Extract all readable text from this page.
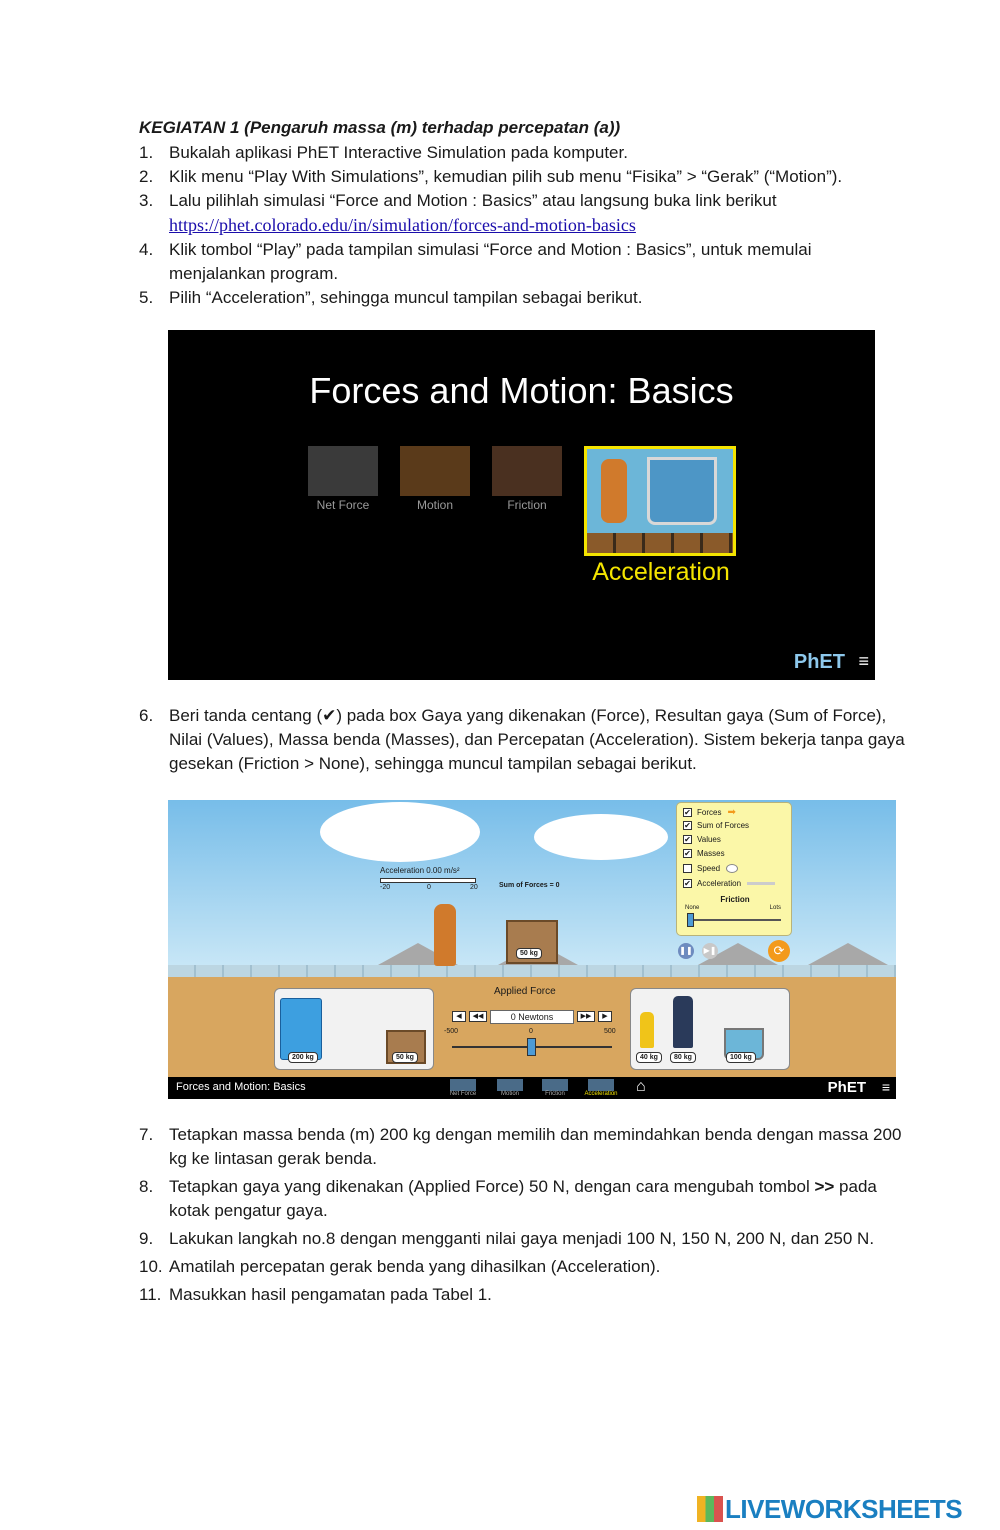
KEGIATAN 1 (Pengaruh massa (m) terhadap percepatan (a))
1. Bukalah aplikasi PhET Interactive Simulation pada komputer.
2. Klik menu “Play With Simulations”, kemudian pilih sub menu “Fisika” > “Gerak” (“Motion”).
3. Lalu pilihlah simulasi “Force and Motion : Basics” atau langsung buka link berikut
https://phet.colorado.edu/in/simulation/forces-and-motion-basics
4. Klik tombol “Play” pada tampilan simulasi “Force and Motion : Basics”, untuk memulai menjalankan program.
5. Pilih “Acceleration”, sehingga muncul tampilan sebagai berikut.
Forces and Motion: Basics
Net Force	Motion	Friction
Acceleration
PhET ≡
6. Beri tanda centang (✔) pada box Gaya yang dikenakan (Force), Resultan gaya (Sum of Force), Nilai (Values), Massa benda (Masses), dan Percepatan (Acceleration). Sistem bekerja tanpa gaya gesekan (Friction > None), sehingga muncul tampilan sebagai berikut.
Acceleration 0.00 m/s²
-20	0	20	Sum of Forces = 0
50 kg
✔ Forces ➡
✔ Sum of Forces
✔ Values
✔ Masses
Speed
✔ Acceleration
Friction
None	Lots
❚❚ ▶❚	⟳
200 kg	50 kg
Applied Force
◀	◀◀	0 Newtons	▶▶	▶
-500	0	500
40 kg	80 kg	100 kg
Forces and Motion: Basics
Net Force	Motion	Friction	Acceleration ⌂	PhET ≡
7. Tetapkan massa benda (m) 200 kg dengan memilih dan memindahkan benda dengan massa 200 kg ke lintasan gerak benda.
8. Tetapkan gaya yang dikenakan (Applied Force) 50 N, dengan cara mengubah tombol >> pada kotak pengatur gaya.
9. Lakukan langkah no.8 dengan mengganti nilai gaya menjadi 100 N, 150 N, 200 N, dan 250 N.
10. Amatilah percepatan gerak benda yang dihasilkan (Acceleration).
11. Masukkan hasil pengamatan pada Tabel 1.
LIVEWORKSHEETS
